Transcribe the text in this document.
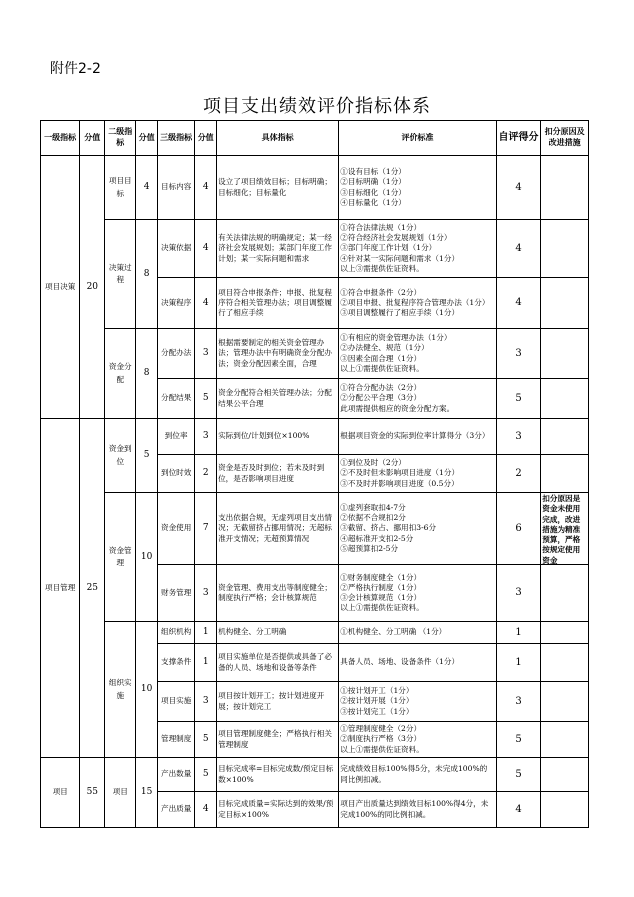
附件2-2
项目支出绩效评价指标体系
一级指标	分值	二级指标	分值	三级指标	分值	具体指标	评价标准	自评得分	扣分原因及改进措施
项目决策	20	项目目标	4	目标内容	4	设立了项目绩效目标；目标明确；目标细化；目标量化	①设有目标（1分）
②目标明确（1分）
③目标细化（1分）
④目标量化（1分）	4	
		决策过程	8	决策依据	4	有关法律法规的明确规定；某一经济社会发展规划；某部门年度工作计划；某一实际问题和需求	①符合法律法规（1分）
②符合经济社会发展规划（1分）
③部门年度工作计划（1分）
④针对某一实际问题和需求（1分）
以上③需提供佐证资料。	4	
				决策程序	4	项目符合申报条件；申报、批复程序符合相关管理办法；项目调整履行了相应手续	①符合申报条件（2分）
②项目申报、批复程序符合管理办法（1分）
③项目调整履行了相应手续（1分）	4	
		资金分配	8	分配办法	3	根据需要制定的相关资金管理办法；管理办法中有明确资金分配办法；资金分配因素全面，合理	①有相应的资金管理办法（1分）
②办法健全、规范（1分）
③因素全面合理（1分）
以上①需提供佐证资料。	3	
				分配结果	5	资金分配符合相关管理办法；分配结果公平合理	①符合分配办法（2分）
②分配公平合理（3分）
此项需提供相应的资金分配方案。	5	
项目管理	25	资金到位	5	到位率	3	实际到位/计划到位×100%	根据项目资金的实际到位率计算得分（3分）	3	
				到位时效	2	资金是否及时到位；若未及时到位，是否影响项目进度	①到位及时（2分）
②不及时但未影响项目进度（1分）
③不及时并影响项目进度（0.5分）	2	
		资金管理	10	资金使用	7	支出依据合规，无虚列项目支出情况；无截留挤占挪用情况；无超标准开支情况；无超预算情况	①虚列套取扣4-7分
②依据不合规扣2分
③截留、挤占、挪用扣3-6分
④超标准开支扣2-5分
⑤超预算扣2-5分	6	扣分原因是资金未使用完成，改进措施为精准预算，严格按规定使用资金

				财务管理	3	资金管理、费用支出等制度健全；制度执行严格；会计核算规范	①财务制度健全（1分）
②严格执行制度（1分）
③会计核算规范（1分）
以上①需提供佐证资料。	3	
		组织实施	10	组织机构	1	机构健全、分工明确	①机构健全、分工明确 （1分）	1	
				支撑条件	1	项目实施单位是否提供或具备了必备的人员、场地和设备等条件	具备人员、场地、设备条件（1分）	1	
				项目实施	3	项目按计划开工；按计划进度开展；按计划完工	①按计划开工（1分）
②按计划开展（1分）
③按计划完工（1分）	3	
				管理制度	5	项目管理制度健全；严格执行相关管理制度	①管理制度健全（2分）
②制度执行严格（3分）
以上①需提供佐证资料。	5	
项目	55	项目	15	产出数量	5	目标完成率=目标完成数/预定目标数×100%	完成绩效目标100%得5分，未完成100%的同比例扣减。	5	
				产出质量	4	目标完成质量=实际达到的效果/预定目标×100%	项目产出质量达到绩效目标100%得4分，未完成100%的同比例扣减。	4	
